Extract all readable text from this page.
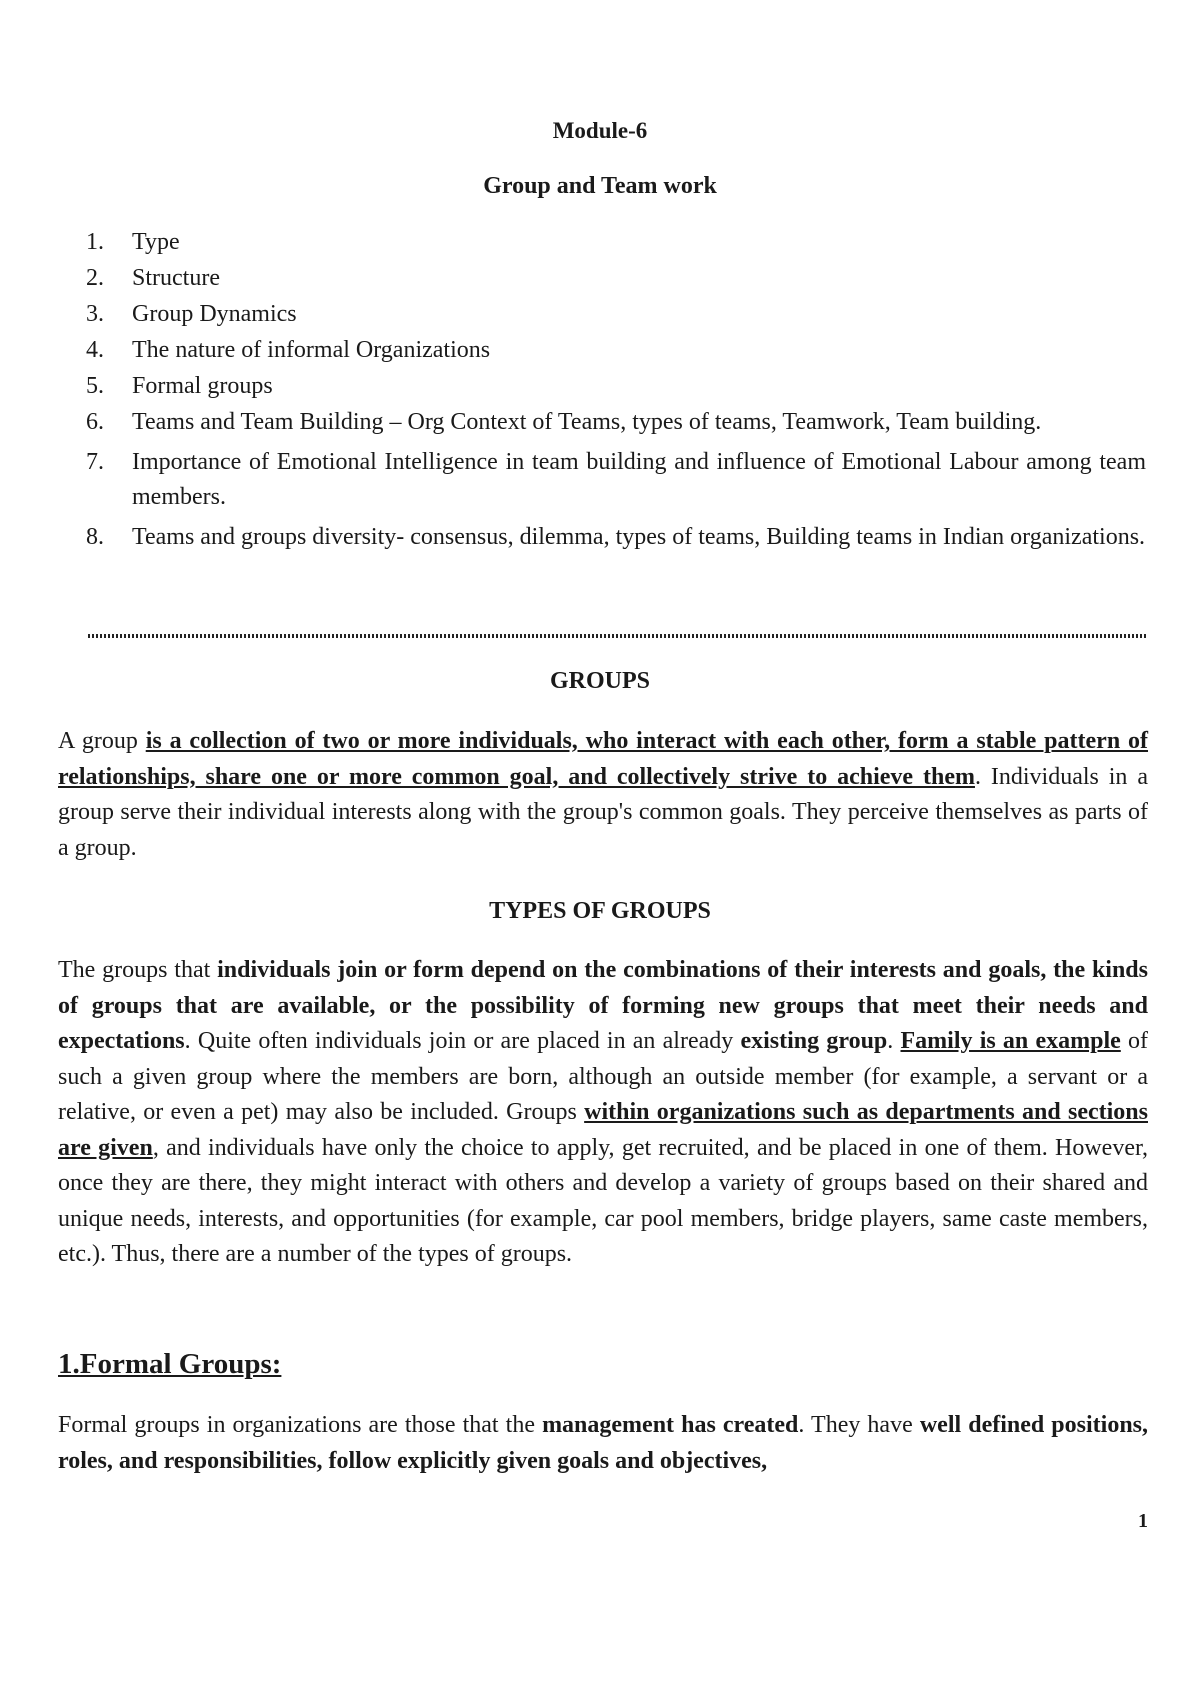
Module-6
Group and Team work
1.	Type
2.	Structure
3.	Group Dynamics
4.	The nature of informal Organizations
5.	Formal groups
6.	Teams and Team Building – Org Context of Teams, types of teams, Teamwork, Team building.
7.	Importance of Emotional Intelligence in team building and influence of Emotional Labour among team members.
8.	Teams and groups diversity- consensus, dilemma, types of teams, Building teams in Indian organizations.
GROUPS

A group is a collection of two or more individuals, who interact with each other, form a stable pattern of relationships, share one or more common goal, and collectively strive to achieve them. Individuals in a group serve their individual interests along with the group's common goals. They perceive themselves as parts of a group.

TYPES OF GROUPS

The groups that individuals join or form depend on the combinations of their interests and goals, the kinds of groups that are available, or the possibility of forming new groups that meet their needs and expectations. Quite often individuals join or are placed in an already existing group. Family is an example of such a given group where the members are born, although an outside member (for example, a servant or a relative, or even a pet) may also be included. Groups within organizations such as departments and sections are given, and individuals have only the choice to apply, get recruited, and be placed in one of them. However, once they are there, they might interact with others and develop a variety of groups based on their shared and unique needs, interests, and opportunities (for example, car pool members, bridge players, same caste members, etc.). Thus, there are a number of the types of groups.

1.Formal Groups:

Formal groups in organizations are those that the management has created. They have well defined positions, roles, and responsibilities, follow explicitly given goals and objectives,

1
